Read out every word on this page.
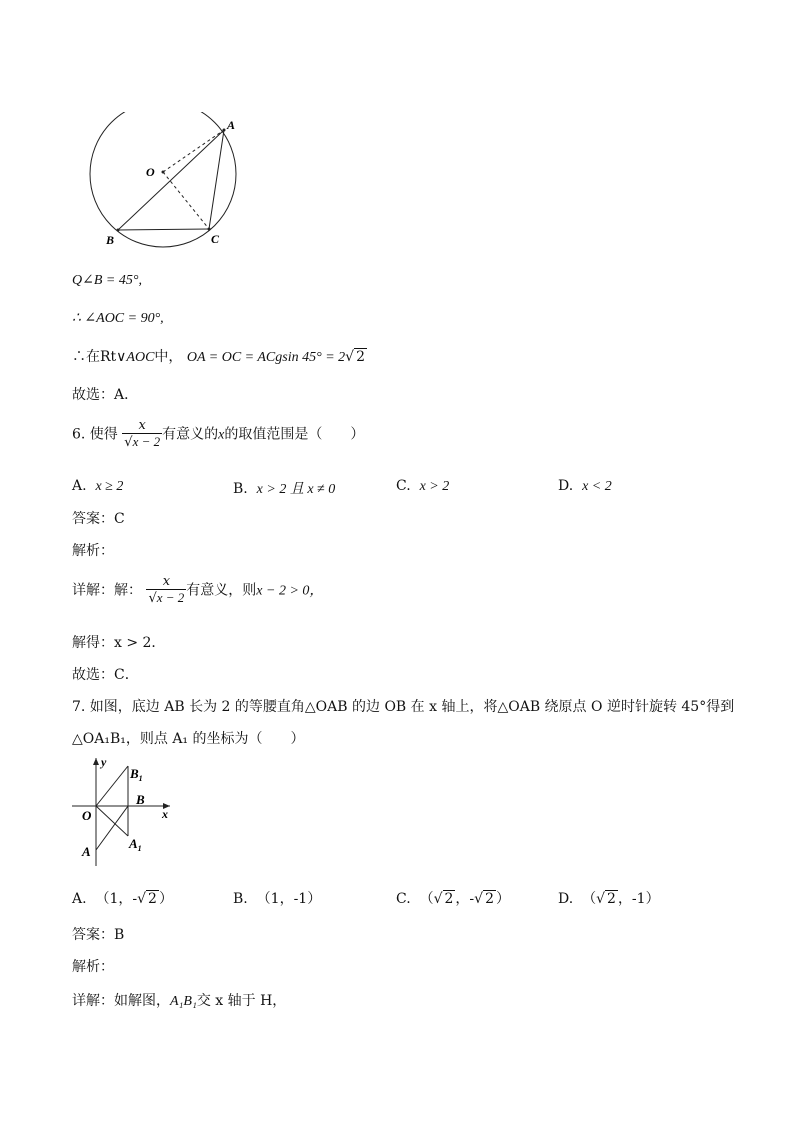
O
A
B	C
Q∠B = 45°,
∴ ∠AOC = 90°,
∴在Rt∨AOC中， OA = OC = ACgsin 45° = 2√ 2
故选：A．
6. 使得 $\frac{x}{√x - 2}$ 有意义的x的取值范围是（　　）
A. x ≥ 2	B. x > 2 且 x ≠ 0	C. x > 2	D. x < 2
答案：C
解析：
详解：解： $\frac{x}{√x - 2}$ 有意义，则x − 2 > 0，
解得：x > 2．
故选：C．
7. 如图，底边 AB 长为 2 的等腰直角△OAB 的边 OB 在 x 轴上，将△OAB 绕原点 O 逆时针旋转 45°得到
△OA₁B₁，则点 A₁ 的坐标为（　　）
y
x
O
A
B
$B_1$
$A_1$
A. （1，-√ 2 ）	B. （1，-1）	C. （√ 2 ，-√ 2 ）	D. （√ 2 ，-1）
答案：B
解析：
详解：如解图，A₁B₁交 x 轴于 H，
